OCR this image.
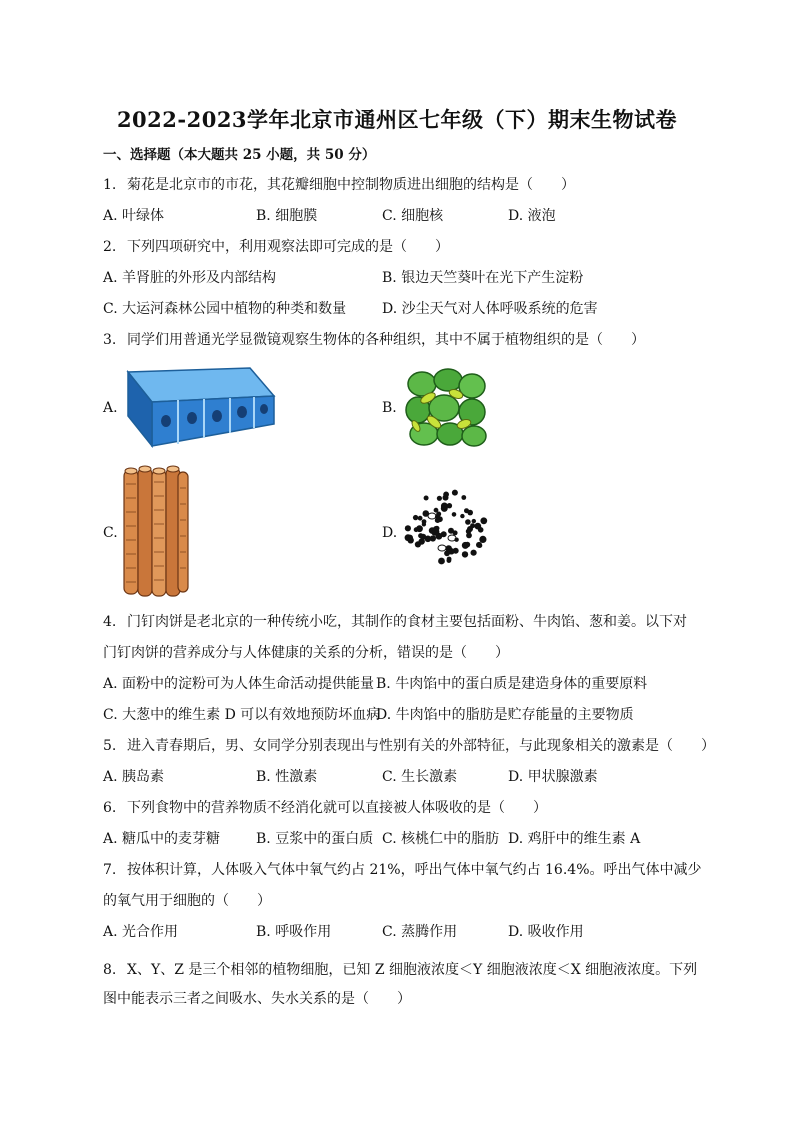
2022-2023学年北京市通州区七年级（下）期末生物试卷
一、选择题（本大题共 25 小题，共 50 分）
1. 菊花是北京市的市花，其花瓣细胞中控制物质进出细胞的结构是（　　）
A. 叶绿体	B. 细胞膜	C. 细胞核	D. 液泡
2. 下列四项研究中，利用观察法即可完成的是（　　）
A. 羊肾脏的外形及内部结构	B. 银边天竺葵叶在光下产生淀粉
C. 大运河森林公园中植物的种类和数量	D. 沙尘天气对人体呼吸系统的危害
3. 同学们用普通光学显微镜观察生物体的各种组织，其中不属于植物组织的是（　　）
A.	B.
C.	D.
4. 门钉肉饼是老北京的一种传统小吃，其制作的食材主要包括面粉、牛肉馅、葱和姜。以下对
门钉肉饼的营养成分与人体健康的关系的分析，错误的是（　　）
A. 面粉中的淀粉可为人体生命活动提供能量 B. 牛肉馅中的蛋白质是建造身体的重要原料
C. 大葱中的维生素 D 可以有效地预防坏血病
D. 牛肉馅中的脂肪是贮存能量的主要物质
5. 进入青春期后，男、女同学分别表现出与性别有关的外部特征，与此现象相关的激素是（　　）
A. 胰岛素	B. 性激素	C. 生长激素	D. 甲状腺激素
6. 下列食物中的营养物质不经消化就可以直接被人体吸收的是（　　）
A. 糖瓜中的麦芽糖	B. 豆浆中的蛋白质 C. 核桃仁中的脂肪 D. 鸡肝中的维生素 A
7. 按体积计算，人体吸入气体中氧气约占 21%，呼出气体中氧气约占 16.4%。呼出气体中减少
的氧气用于细胞的（　　）
A. 光合作用	B. 呼吸作用	C. 蒸腾作用	D. 吸收作用
8. X、Y、Z 是三个相邻的植物细胞，已知 Z 细胞液浓度＜Y 细胞液浓度＜X 细胞液浓度。下列
图中能表示三者之间吸水、失水关系的是（　　）
